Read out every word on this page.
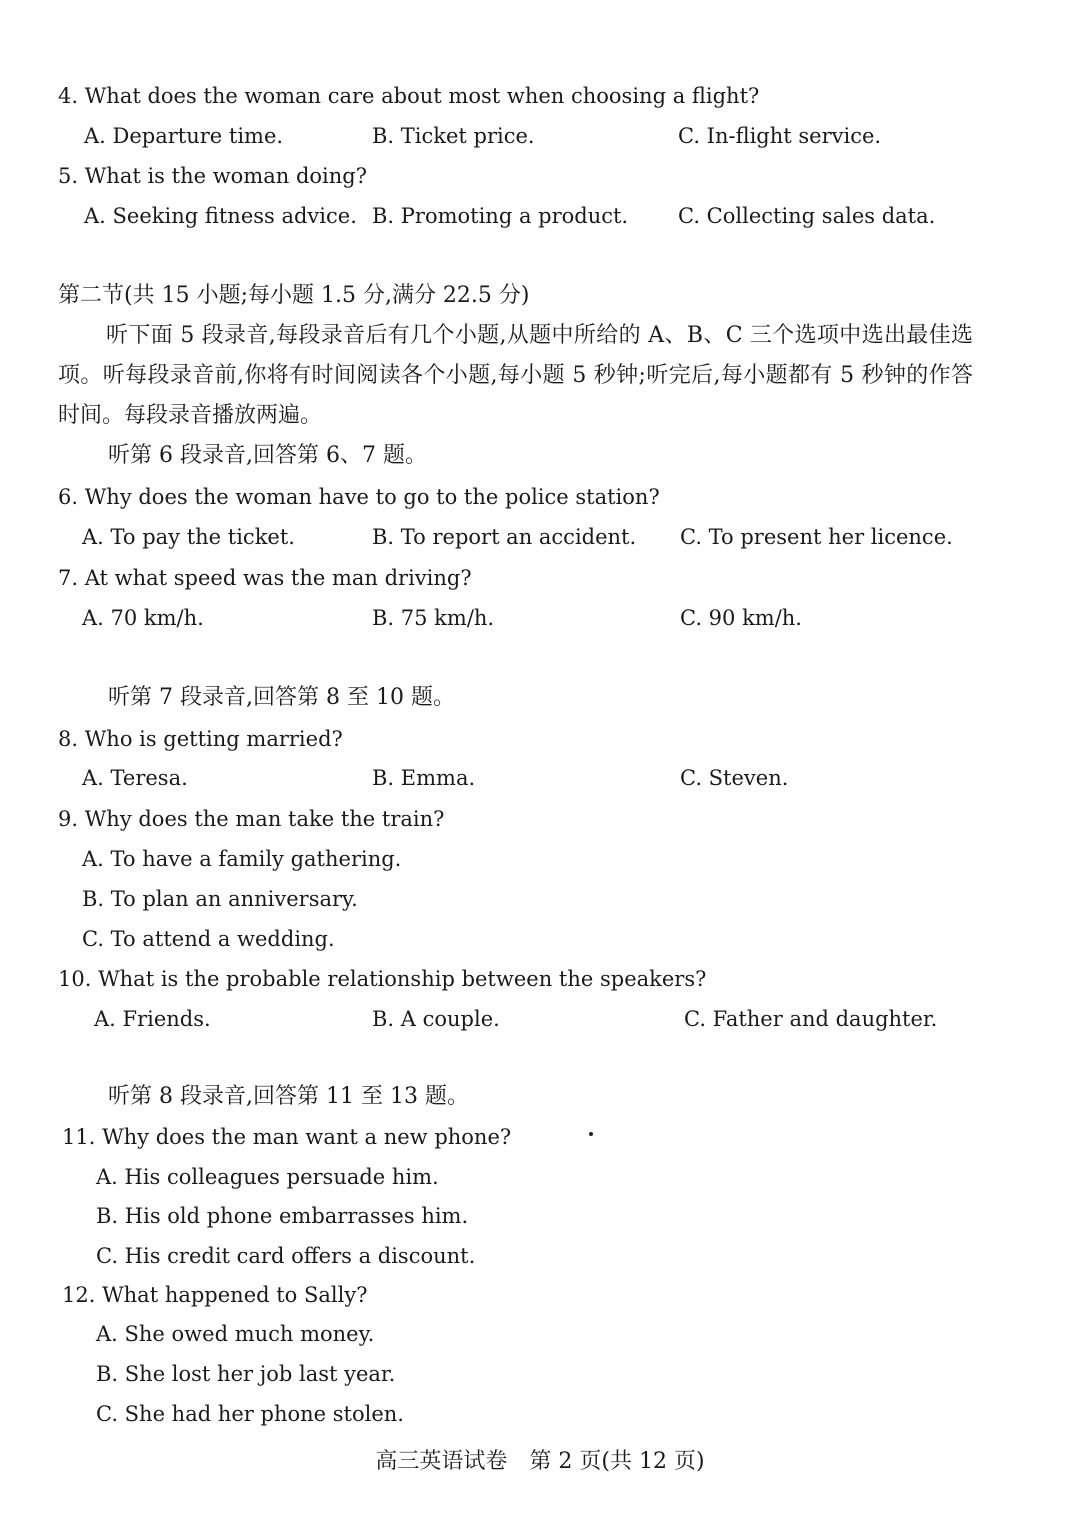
4. What does the woman care about most when choosing a flight?
A. Departure time.	B. Ticket price.	C. In-flight service.
5. What is the woman doing?
A. Seeking fitness advice. B. Promoting a product. C. Collecting sales data.
第二节(共 15 小题;每小题 1.5 分,满分 22.5 分)
听下面 5 段录音,每段录音后有几个小题,从题中所给的 A、B、C 三个选项中选出最佳选项。听每段录音前,你将有时间阅读各个小题,每小题 5 秒钟;听完后,每小题都有 5 秒钟的作答时间。每段录音播放两遍。
听第 6 段录音,回答第 6、7 题。
6. Why does the woman have to go to the police station?
A. To pay the ticket.	B. To report an accident. C. To present her licence.
7. At what speed was the man driving?
A. 70 km/h.	B. 75 km/h.	C. 90 km/h.
听第 7 段录音,回答第 8 至 10 题。
8. Who is getting married?
A. Teresa.	B. Emma.	C. Steven.
9. Why does the man take the train?
A. To have a family gathering.
B. To plan an anniversary.
C. To attend a wedding.
10. What is the probable relationship between the speakers?
A. Friends.	B. A couple.	C. Father and daughter.
听第 8 段录音,回答第 11 至 13 题。
11. Why does the man want a new phone?
A. His colleagues persuade him.
B. His old phone embarrasses him.
C. His credit card offers a discount.
12. What happened to Sally?
A. She owed much money.
B. She lost her job last year.
C. She had her phone stolen.
高三英语试卷　第 2 页(共 12 页)
